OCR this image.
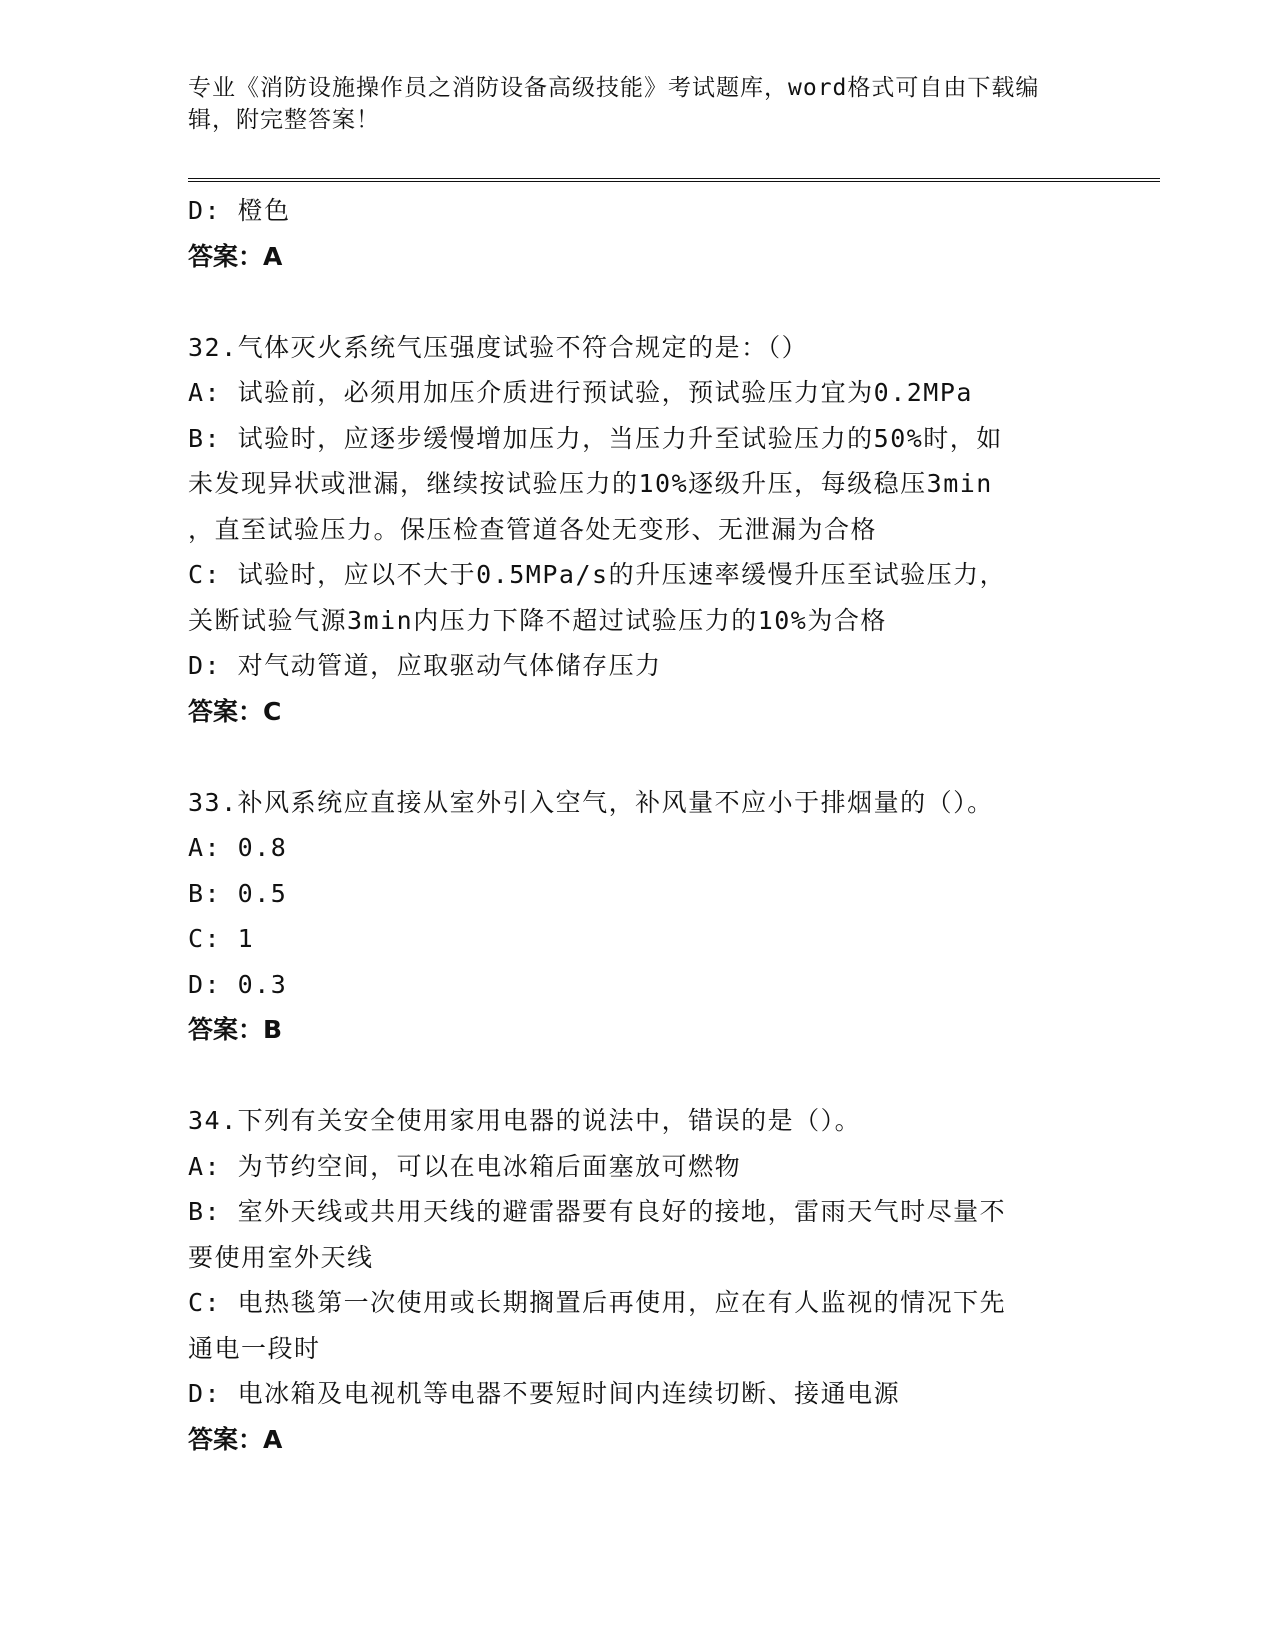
专业《消防设施操作员之消防设备高级技能》考试题库，word格式可自由下载编
辑，附完整答案！
D: 橙色
答案：A
32.气体灭火系统气压强度试验不符合规定的是：（）
A: 试验前，必须用加压介质进行预试验，预试验压力宜为0.2MPa
B: 试验时，应逐步缓慢增加压力，当压力升至试验压力的50%时，如
未发现异状或泄漏，继续按试验压力的10%逐级升压，每级稳压3min
，直至试验压力。保压检查管道各处无变形、无泄漏为合格
C: 试验时，应以不大于0.5MPa/s的升压速率缓慢升压至试验压力，
关断试验气源3min内压力下降不超过试验压力的10%为合格
D: 对气动管道，应取驱动气体储存压力
答案：C
33.补风系统应直接从室外引入空气，补风量不应小于排烟量的（）。
A: 0.8
B: 0.5
C: 1
D: 0.3
答案：B
34.下列有关安全使用家用电器的说法中，错误的是（）。
A: 为节约空间，可以在电冰箱后面塞放可燃物
B: 室外天线或共用天线的避雷器要有良好的接地，雷雨天气时尽量不
要使用室外天线
C: 电热毯第一次使用或长期搁置后再使用，应在有人监视的情况下先
通电一段时
D: 电冰箱及电视机等电器不要短时间内连续切断、接通电源
答案：A
